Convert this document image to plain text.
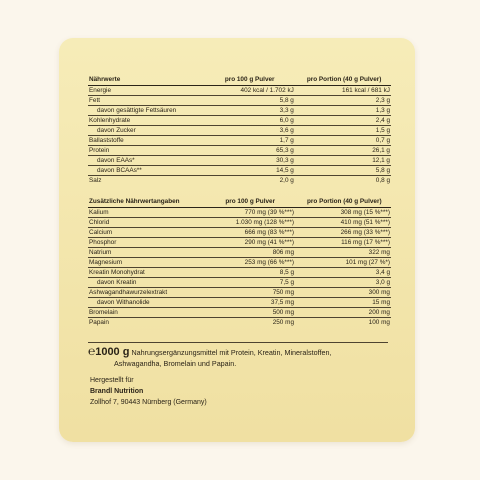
Nährwerte	pro 100 g Pulver	pro Portion (40 g Pulver)
Energie	402 kcal / 1.702 kJ	161 kcal / 681 kJ
Fett	5,8 g	2,3 g
davon gesättigte Fettsäuren	3,3 g	1,3 g
Kohlenhydrate	6,0 g	2,4 g
davon Zucker	3,6 g	1,5 g
Ballaststoffe	1,7 g	0,7 g
Protein	65,3 g	26,1 g
davon EAAs*	30,3 g	12,1 g
davon BCAAs**	14,5 g	5,8 g
Salz	2,0 g	0,8 g
Zusätzliche Nährwertangaben	pro 100 g Pulver	pro Portion (40 g Pulver)
Kalium	770 mg (39 %***)	308 mg (15 %***)
Chlorid	1.030 mg (128 %***)	410 mg (51 %***)
Calcium	666 mg (83 %***)	266 mg (33 %***)
Phosphor	290 mg (41 %***)	116 mg (17 %***)
Natrium	806 mg	322 mg
Magnesium	253 mg (66 %***)	101 mg (27 %*)
Kreatin Monohydrat	8,5 g	3,4 g
davon Kreatin	7,5 g	3,0 g
Ashwagandhawurzelextrakt	750 mg	300 mg
davon Withanolide	37,5 mg	15 mg
Bromelain	500 mg	200 mg
Papain	250 mg	100 mg
℮1000 g Nahrungsergänzungsmittel mit Protein, Kreatin, Mineralstoffen,
Ashwagandha, Bromelain und Papain.
Hergestellt für
Brandl Nutrition
Zollhof 7, 90443 Nürnberg (Germany)
